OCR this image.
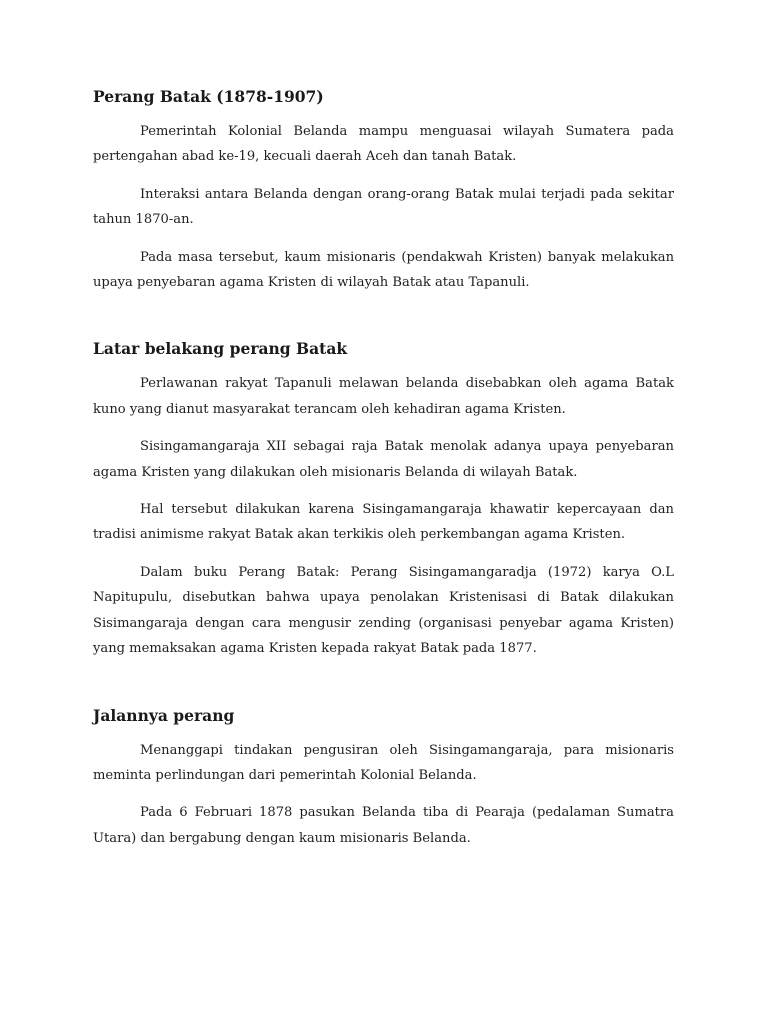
Perang Batak (1878-1907)

Pemerintah Kolonial Belanda mampu menguasai wilayah Sumatera pada pertengahan abad ke-19, kecuali daerah Aceh dan tanah Batak.

Interaksi antara Belanda dengan orang-orang Batak mulai terjadi pada sekitar tahun 1870-an.

Pada masa tersebut, kaum misionaris (pendakwah Kristen) banyak melakukan upaya penyebaran agama Kristen di wilayah Batak atau Tapanuli.

Latar belakang perang Batak

Perlawanan rakyat Tapanuli melawan belanda disebabkan oleh agama Batak kuno yang dianut masyarakat terancam oleh kehadiran agama Kristen.

Sisingamangaraja XII sebagai raja Batak menolak adanya upaya penyebaran agama Kristen yang dilakukan oleh misionaris Belanda di wilayah Batak.

Hal tersebut dilakukan karena Sisingamangaraja khawatir kepercayaan dan tradisi animisme rakyat Batak akan terkikis oleh perkembangan agama Kristen.

Dalam buku Perang Batak: Perang Sisingamangaradja (1972) karya O.L Napitupulu, disebutkan bahwa upaya penolakan Kristenisasi di Batak dilakukan Sisimangaraja dengan cara mengusir zending (organisasi penyebar agama Kristen) yang memaksakan agama Kristen kepada rakyat Batak pada 1877.

Jalannya perang

Menanggapi tindakan pengusiran oleh Sisingamangaraja, para misionaris meminta perlindungan dari pemerintah Kolonial Belanda.

Pada 6 Februari 1878 pasukan Belanda tiba di Pearaja (pedalaman Sumatra Utara) dan bergabung dengan kaum misionaris Belanda.
